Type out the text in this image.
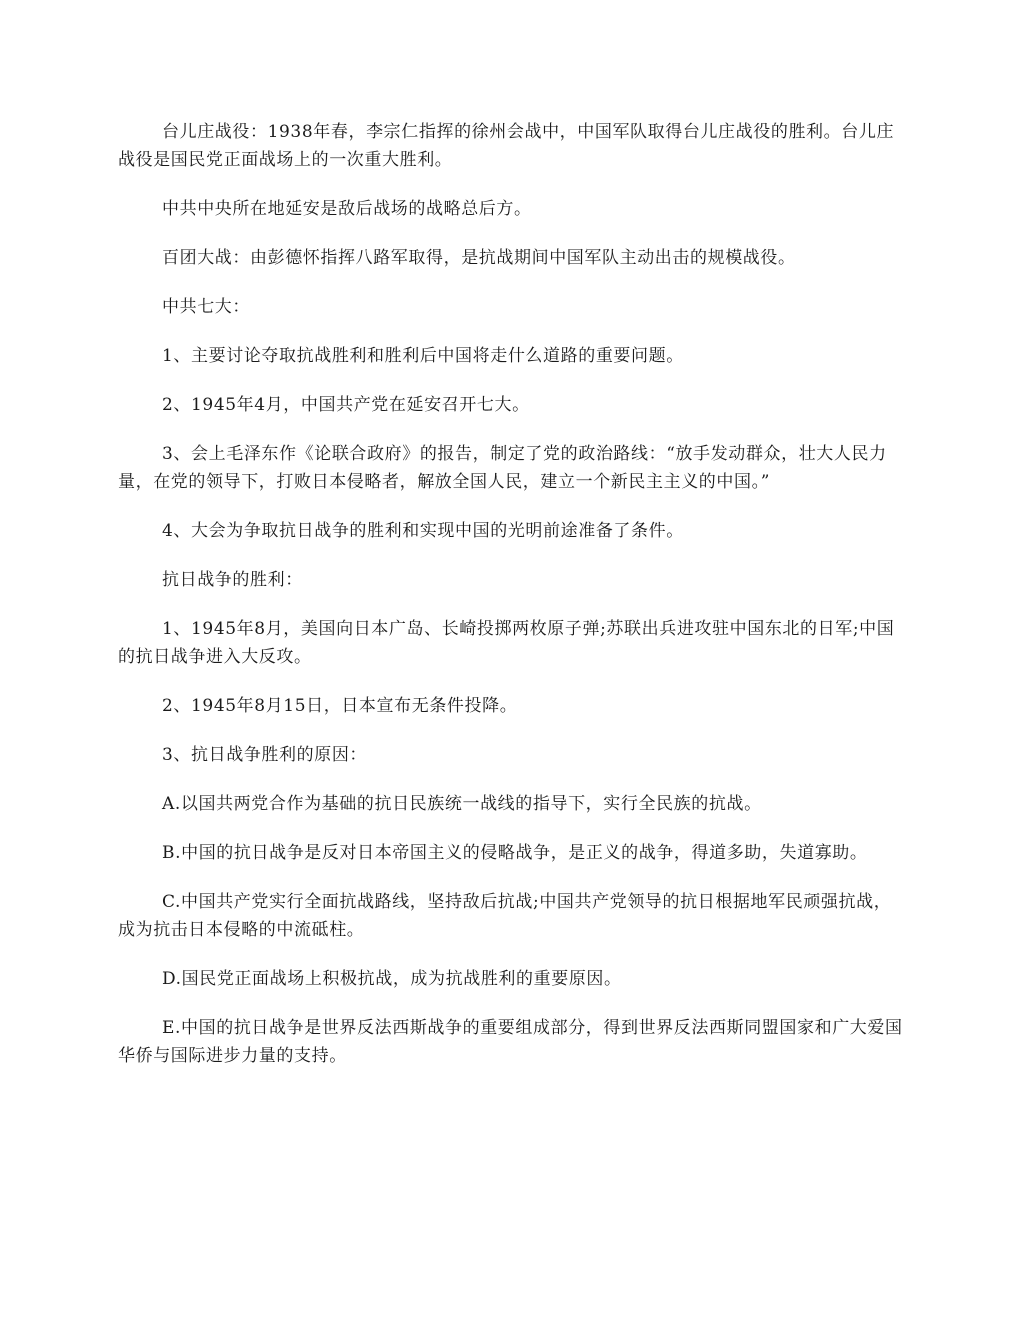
台儿庄战役：1938年春，李宗仁指挥的徐州会战中，中国军队取得台儿庄战役的胜利。台儿庄战役是国民党正面战场上的一次重大胜利。

中共中央所在地延安是敌后战场的战略总后方。

百团大战：由彭德怀指挥八路军取得，是抗战期间中国军队主动出击的规模战役。

中共七大：

1、主要讨论夺取抗战胜利和胜利后中国将走什么道路的重要问题。

2、1945年4月，中国共产党在延安召开七大。

3、会上毛泽东作《论联合政府》的报告，制定了党的政治路线：“放手发动群众，壮大人民力量，在党的领导下，打败日本侵略者，解放全国人民，建立一个新民主主义的中国。”

4、大会为争取抗日战争的胜利和实现中国的光明前途准备了条件。

抗日战争的胜利：

1、1945年8月，美国向日本广岛、长崎投掷两枚原子弹;苏联出兵进攻驻中国东北的日军;中国的抗日战争进入大反攻。

2、1945年8月15日，日本宣布无条件投降。

3、抗日战争胜利的原因：

A.以国共两党合作为基础的抗日民族统一战线的指导下，实行全民族的抗战。

B.中国的抗日战争是反对日本帝国主义的侵略战争，是正义的战争，得道多助，失道寡助。

C.中国共产党实行全面抗战路线，坚持敌后抗战;中国共产党领导的抗日根据地军民顽强抗战，成为抗击日本侵略的中流砥柱。

D.国民党正面战场上积极抗战，成为抗战胜利的重要原因。

E.中国的抗日战争是世界反法西斯战争的重要组成部分，得到世界反法西斯同盟国家和广大爱国华侨与国际进步力量的支持。
